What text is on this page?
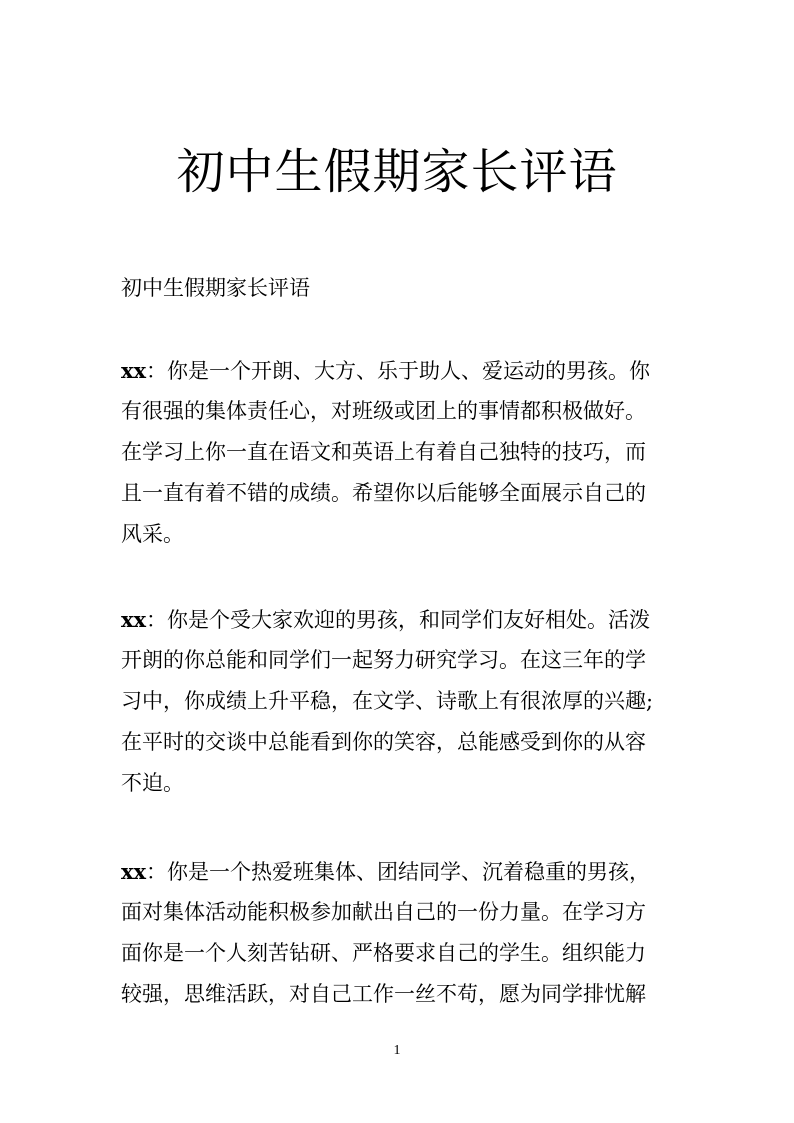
初中生假期家长评语

初中生假期家长评语

xx：你是一个开朗、大方、乐于助人、爱运动的男孩。你
有很强的集体责任心，对班级或团上的事情都积极做好。
在学习上你一直在语文和英语上有着自己独特的技巧，而
且一直有着不错的成绩。希望你以后能够全面展示自己的
风采。
xx：你是个受大家欢迎的男孩，和同学们友好相处。活泼
开朗的你总能和同学们一起努力研究学习。在这三年的学
习中，你成绩上升平稳，在文学、诗歌上有很浓厚的兴趣;
在平时的交谈中总能看到你的笑容，总能感受到你的从容
不迫。
xx：你是一个热爱班集体、团结同学、沉着稳重的男孩，
面对集体活动能积极参加献出自己的一份力量。在学习方
面你是一个人刻苦钻研、严格要求自己的学生。组织能力
较强，思维活跃，对自己工作一丝不苟，愿为同学排忧解
1
